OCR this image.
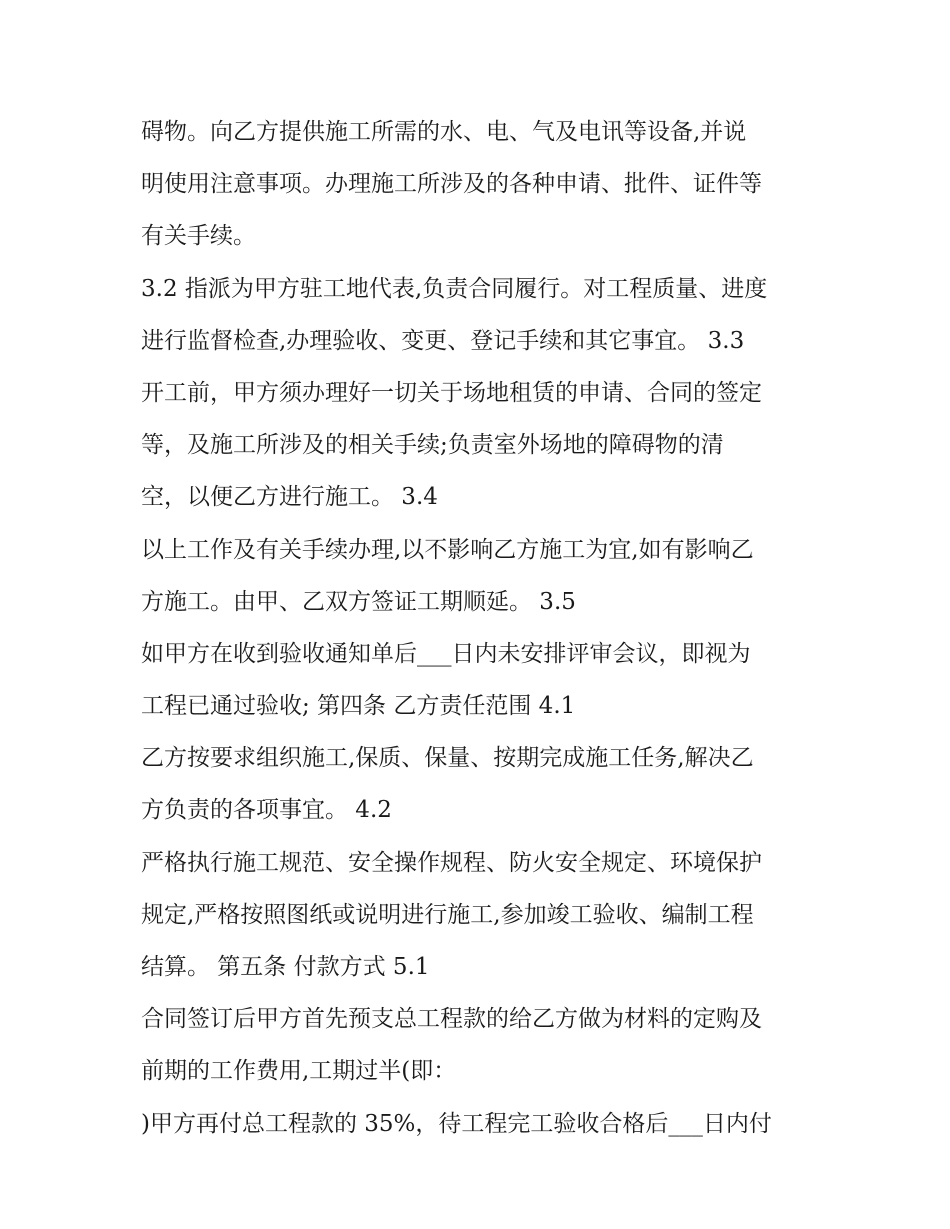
碍物。向乙方提供施工所需的水、电、气及电讯等设备,并说
明使用注意事项。办理施工所涉及的各种申请、批件、证件等
有关手续。
3.2 指派为甲方驻工地代表,负责合同履行。对工程质量、进度
进行监督检查,办理验收、变更、登记手续和其它事宜。 3.3
开工前，甲方须办理好一切关于场地租赁的申请、合同的签定
等，及施工所涉及的相关手续;负责室外场地的障碍物的清
空，以便乙方进行施工。 3.4
以上工作及有关手续办理,以不影响乙方施工为宜,如有影响乙
方施工。由甲、乙双方签证工期顺延。 3.5
如甲方在收到验收通知单后___日内未安排评审会议，即视为
工程已通过验收; 第四条 乙方责任范围 4.1
乙方按要求组织施工,保质、保量、按期完成施工任务,解决乙
方负责的各项事宜。 4.2
严格执行施工规范、安全操作规程、防火安全规定、环境保护
规定,严格按照图纸或说明进行施工,参加竣工验收、编制工程
结算。 第五条 付款方式 5.1
合同签订后甲方首先预支总工程款的给乙方做为材料的定购及
前期的工作费用,工期过半(即：
)甲方再付总工程款的 35%，待工程完工验收合格后___日内付
